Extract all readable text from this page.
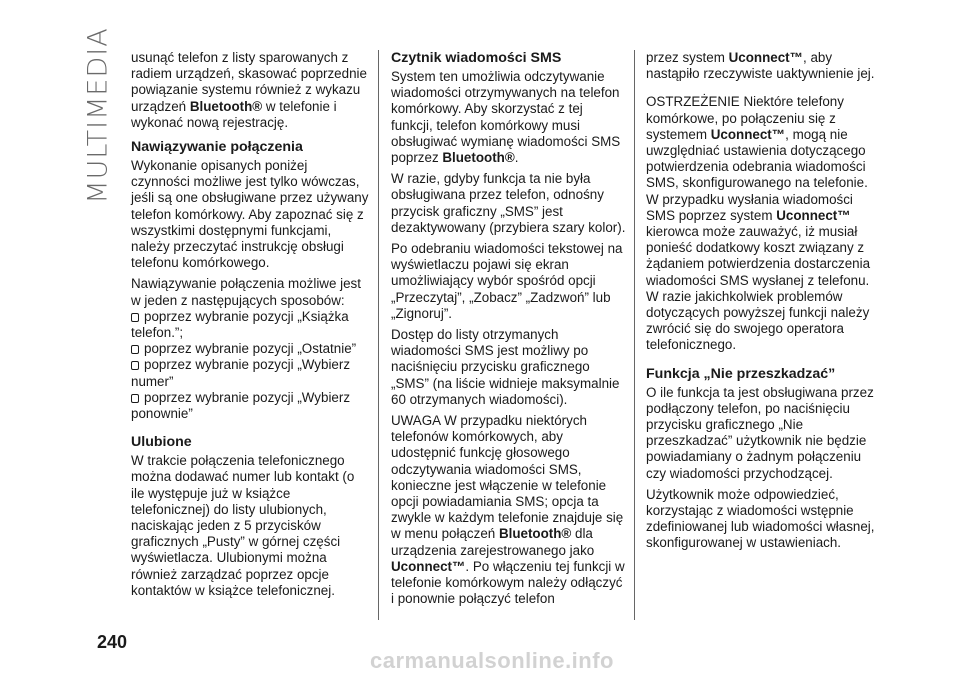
MULTIMEDIA usunąć telefon z listy sparowanych z radiem urządzeń, skasować poprzednie powiązanie systemu również z wykazu urządzeń Bluetooth® w telefonie i wykonać nową rejestrację.

Nawiązywanie połączenia

Wykonanie opisanych poniżej czynności możliwe jest tylko wówczas, jeśli są one obsługiwane przez używany telefon komórkowy. Aby zapoznać się z wszystkimi dostępnymi funkcjami, należy przeczytać instrukcję obsługi telefonu komórkowego.

Nawiązywanie połączenia możliwe jest w jeden z następujących sposobów:

poprzez wybranie pozycji „Książka telefon.”;
poprzez wybranie pozycji „Ostatnie”
poprzez wybranie pozycji „Wybierz numer”
poprzez wybranie pozycji „Wybierz ponownie”
Ulubione

W trakcie połączenia telefonicznego można dodawać numer lub kontakt (o ile występuje już w książce telefonicznej) do listy ulubionych, naciskając jeden z 5 przycisków graficznych „Pusty” w górnej części wyświetlacza. Ulubionymi można również zarządzać poprzez opcje kontaktów w książce telefonicznej.

Czytnik wiadomości SMS

System ten umożliwia odczytywanie wiadomości otrzymywanych na telefon komórkowy. Aby skorzystać z tej funkcji, telefon komórkowy musi obsługiwać wymianę wiadomości SMS poprzez Bluetooth®.

W razie, gdyby funkcja ta nie była obsługiwana przez telefon, odnośny przycisk graficzny „SMS” jest dezaktywowany (przybiera szary kolor).

Po odebraniu wiadomości tekstowej na wyświetlaczu pojawi się ekran umożliwiający wybór spośród opcji „Przeczytaj”, „Zobacz” „Zadzwoń” lub „Zignoruj”.

Dostęp do listy otrzymanych wiadomości SMS jest możliwy po naciśnięciu przycisku graficznego „SMS” (na liście widnieje maksymalnie 60 otrzymanych wiadomości).

UWAGA W przypadku niektórych telefonów komórkowych, aby udostępnić funkcję głosowego odczytywania wiadomości SMS, konieczne jest włączenie w telefonie opcji powiadamiania SMS; opcja ta zwykle w każdym telefonie znajduje się w menu połączeń Bluetooth® dla urządzenia zarejestrowanego jako Uconnect™. Po włączeniu tej funkcji w telefonie komórkowym należy odłączyć i ponownie połączyć telefon

przez system Uconnect™, aby nastąpiło rzeczywiste uaktywnienie jej.

OSTRZEŻENIE Niektóre telefony komórkowe, po połączeniu się z systemem Uconnect™, mogą nie uwzględniać ustawienia dotyczącego potwierdzenia odebrania wiadomości SMS, skonfigurowanego na telefonie. W przypadku wysłania wiadomości SMS poprzez system Uconnect™ kierowca może zauważyć, iż musiał ponieść dodatkowy koszt związany z żądaniem potwierdzenia dostarczenia wiadomości SMS wysłanej z telefonu. W razie jakichkolwiek problemów dotyczących powyższej funkcji należy zwrócić się do swojego operatora telefonicznego.

Funkcja „Nie przeszkadzać”

O ile funkcja ta jest obsługiwana przez podłączony telefon, po naciśnięciu przycisku graficznego „Nie przeszkadzać” użytkownik nie będzie powiadamiany o żadnym połączeniu czy wiadomości przychodzącej.

Użytkownik może odpowiedzieć, korzystając z wiadomości wstępnie zdefiniowanej lub wiadomości własnej, skonfigurowanej w ustawieniach.

240
carmanualsonline.info
